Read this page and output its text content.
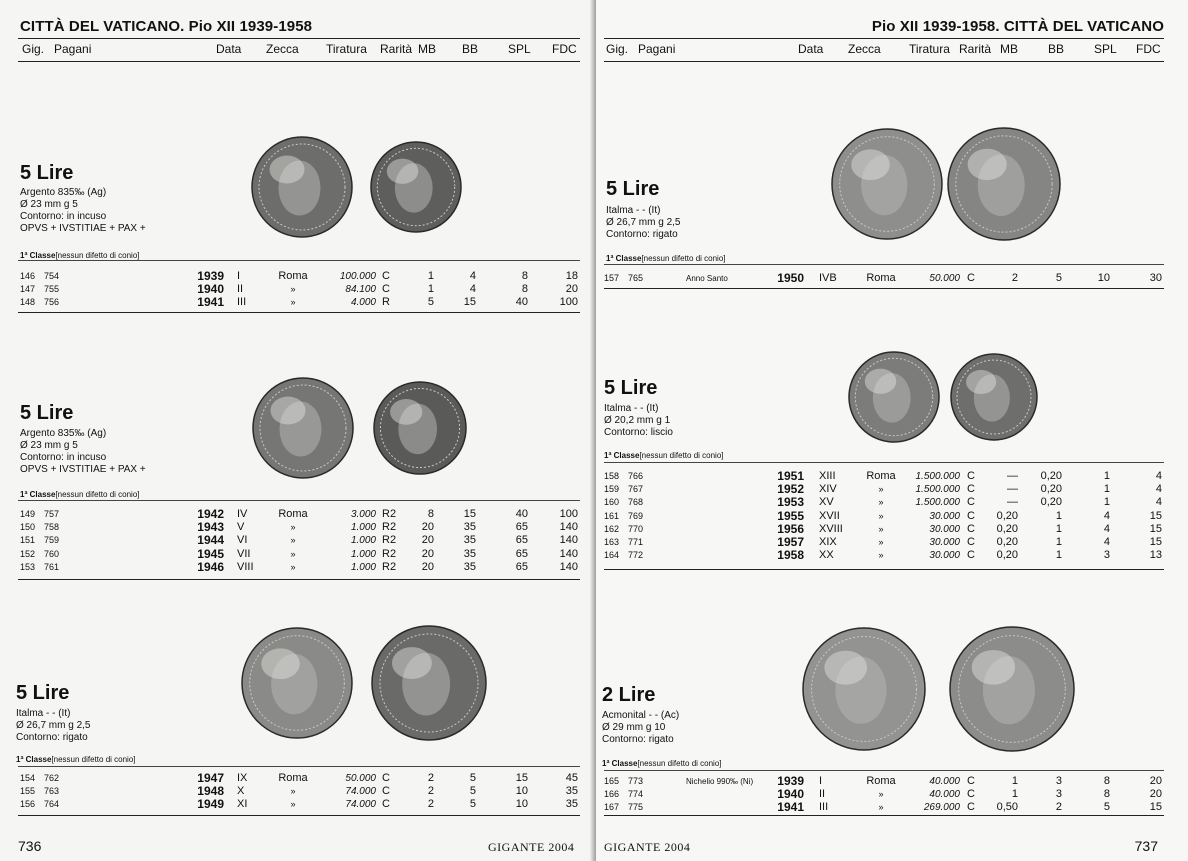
CITTÀ DEL VATICANO. Pio XII 1939-1958
Gig. Pagani	Data Zecca Tiratura Rarità MB BB SPL FDC
5 Lire
Argento 835‰ (Ag)
Ø 23 mm g 5
Contorno: in incuso
OPVS + IVSTITIAE + PAX +
1ª Classe[nessun difetto di conio]
146 754	1939 I	Roma	100.000 C	1	4	8	18
147 755	1940 II	»	84.100 C	1	4	8	20
148 756	1941 III	»	4.000 R	5	15	40	100
5 Lire
Argento 835‰ (Ag)
Ø 23 mm g 5
Contorno: in incuso
OPVS + IVSTITIAE + PAX +
1ª Classe[nessun difetto di conio]
149 757	1942 IV	Roma	3.000 R2	8	15	40	100
150 758	1943 V	»	1.000 R2	20	35	65	140
151 759	1944 VI	»	1.000 R2	20	35	65	140
152 760	1945 VII	»	1.000 R2	20	35	65	140
153 761	1946 VIII	»	1.000 R2	20	35	65	140
5 Lire
Italma - - (It)
Ø 26,7 mm g 2,5
Contorno: rigato
1ª Classe[nessun difetto di conio]
154 762	1947 IX	Roma	50.000 C	2	5	15	45
155 763	1948 X	»	74.000 C	2	5	10	35
156 764	1949 XI	»	74.000 C	2	5	10	35
736	GIGANTE 2004
Pio XII 1939-1958. CITTÀ DEL VATICANO
Gig. Pagani	Data Zecca Tiratura Rarità MB	BB SPL FDC
5 Lire
Italma - - (It)
Ø 26,7 mm g 2,5
Contorno: rigato
1ª Classe[nessun difetto di conio]
157 765	Anno Santo	1950 IVB	Roma	50.000 C	2	5	10	30
5 Lire
Italma - - (It)
Ø 20,2 mm g 1
Contorno: liscio
1ª Classe[nessun difetto di conio]
158 766	1951 XIII	Roma	1.500.000 C	—	0,20	1	4
159 767	1952 XIV	»	1.500.000 C	—	0,20	1	4
160 768	1953 XV	»	1.500.000 C	—	0,20	1	4
161 769	1955 XVII	»	30.000 C	0,20	1	4	15
162 770	1956 XVIII	»	30.000 C	0,20	1	4	15
163 771	1957 XIX	»	30.000 C	0,20	1	4	15
164 772	1958 XX	»	30.000 C	0,20	1	3	13
2 Lire
Acmonital - - (Ac)
Ø 29 mm g 10
Contorno: rigato
1ª Classe[nessun difetto di conio]
165 773	Nichelio 990‰ (Ni)	1939 I	Roma	40.000 C	1	3	8	20
166 774	1940 II	»	40.000 C	1	3	8	20
167 775	1941 III	»	269.000 C	0,50	2	5	15
737
GIGANTE 2004
